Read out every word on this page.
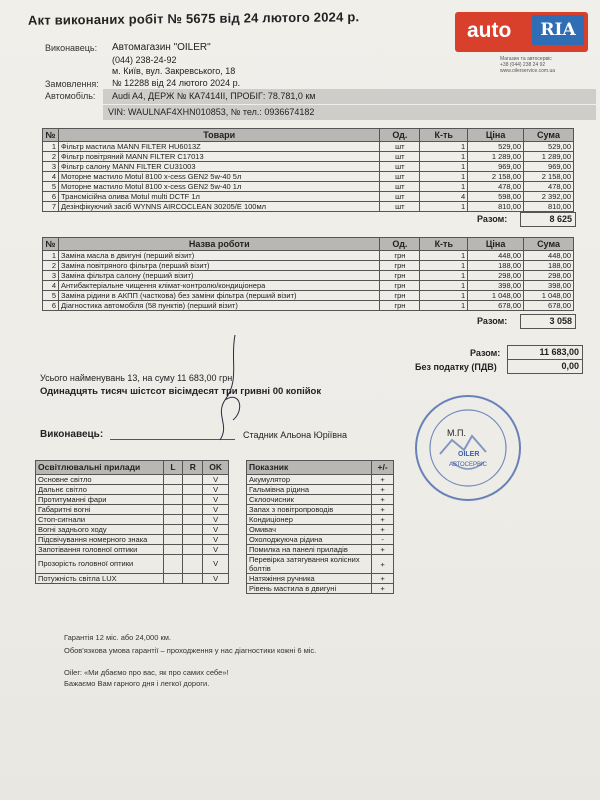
Акт виконаних робіт № 5675 від 24 лютого 2024 р.
auto	RIA
Магазин та автосервіс
+38 (044) 238 24 92
www.oilerservice.com.ua
Виконавець: Автомагазин "OILER"
(044) 238-24-92
м. Київ, вул. Закревського, 18
Замовлення: № 12288 від 24 лютого 2024 р.
Автомобіль: Audi A4, ДЕРЖ № КА7414ІІ, ПРОБІГ: 78.781,0 км
VIN: WAULNAF4XHN010853, № тел.: 0936674182
№	Товари	Од.	К-ть	Ціна	Сума
1	Фільтр мастила MANN FILTER HU6013Z	шт	1	529,00	529,00
2	Фільтр повітряний MANN FILTER C17013	шт	1	1 289,00	1 289,00
3	Фільтр салону MANN FILTER CU31003	шт	1	969,00	969,00
4	Моторне мастило Motul 8100 x-cess GEN2 5w-40 5л	шт	1	2 158,00	2 158,00
5	Моторне мастило Motul 8100 x-cess GEN2 5w-40 1л	шт	1	478,00	478,00
6	Трансмісійна олива Motul multi DCTF 1л	шт	4	598,00	2 392,00
7	Дезінфікуючий засіб WYNNS AIRCOCLEAN 30205/E 100мл	шт	1	810,00	810,00
Разом:	8 625
№	Назва роботи	Од.	К-ть	Ціна	Сума
1	Заміна масла в двигуні (перший візит)	грн	1	448,00	448,00
2	Заміна повітряного фільтра (перший візит)	грн	1	188,00	188,00
3	Заміна фільтра салону (перший візит)	грн	1	298,00	298,00
4	Антибактеріальне чищення клімат-контролю/кондиціонера	грн	1	398,00	398,00
5	Заміна рідини в АКПП (часткова) без заміни фільтра (перший візит)	грн	1	1 048,00	1 048,00
6	Діагностика автомобіля (58 пунктів) (перший візит)	грн	1	678,00	678,00
Разом:	3 058
Разом:	11 683,00
Без податку (ПДВ)	0,00
Усього найменувань 13, на суму 11 683,00 грн
Одинадцять тисяч шістсот вісімдесят три гривні 00 копійок
Виконавець:	Стадник Альона Юріївна	М.П.
OILER
АВТОСЕРВІС
Освітлювальні прилади	L	R	OK
Основне світло			V
Дальнє світло			V
Протитуманні фари			V
Габаритні вогні			V
Стоп-сигнали			V
Вогні заднього ходу			V
Підсвічування номерного знака			V
Запотівання головної оптики			V
Прозорість головної оптики			V
Потужність світла LUX			V
Показник	+/-
Акумулятор	+
Гальмівна рідина	+
Склоочисник	+
Запах з повітропроводів	+
Кондиціонер	+
Омивач	+
Охолоджуюча рідина	-
Помилка на панелі приладів	+
Перевірка затягування колісних болтів	+
Натяжіння ручника	+
Рівень мастила в двигуні	+
Гарантія 12 міс. або 24,000 км.
Обов'язкова умова гарантії – проходження у нас діагностики кожні 6 міс.
Oiler: «Ми дбаємо про вас, як про самих себе»!
Бажаємо Вам гарного дня і легкої дороги.
